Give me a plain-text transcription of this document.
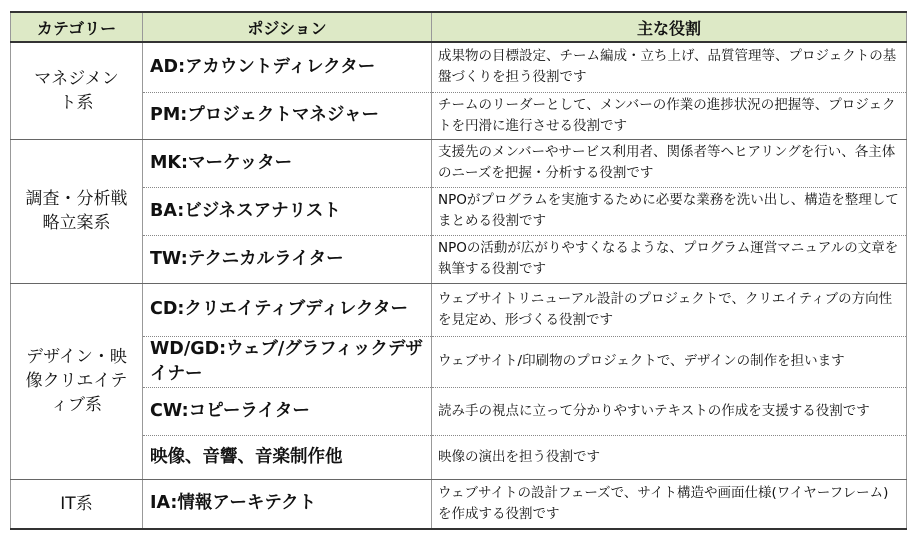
カテゴリー	ポジション	主な役割

マネジメント系	AD:アカウントディレクター	成果物の目標設定、チーム編成・立ち上げ、品質管理等、プロジェクトの基盤づくりを担う役割です
	PM:プロジェクトマネジャー	チームのリーダーとして、メンバーの作業の進捗状況の把握等、プロジェクトを円滑に進行させる役割です

調査・分析戦略立案系	MK:マーケッター	支援先のメンバーやサービス利用者、関係者等へヒアリングを行い、各主体のニーズを把握・分析する役割です
	BA:ビジネスアナリスト	NPOがプログラムを実施するために必要な業務を洗い出し、構造を整理してまとめる役割です
	TW:テクニカルライター	NPOの活動が広がりやすくなるような、プログラム運営マニュアルの文章を執筆する役割です

デザイン・映像クリエイティブ系	CD:クリエイティブディレクター	ウェブサイトリニューアル設計のプロジェクトで、クリエイティブの方向性を見定め、形づくる役割です
	WD/GD:ウェブ/グラフィックデザイナー	ウェブサイト/印刷物のプロジェクトで、デザインの制作を担います
	CW:コピーライター	読み手の視点に立って分かりやすいテキストの作成を支援する役割です
	映像、音響、音楽制作他	映像の演出を担う役割です
IT系	IA:情報アーキテクト	ウェブサイトの設計フェーズで、サイト構造や画面仕様(ワイヤーフレーム)を作成する役割です
